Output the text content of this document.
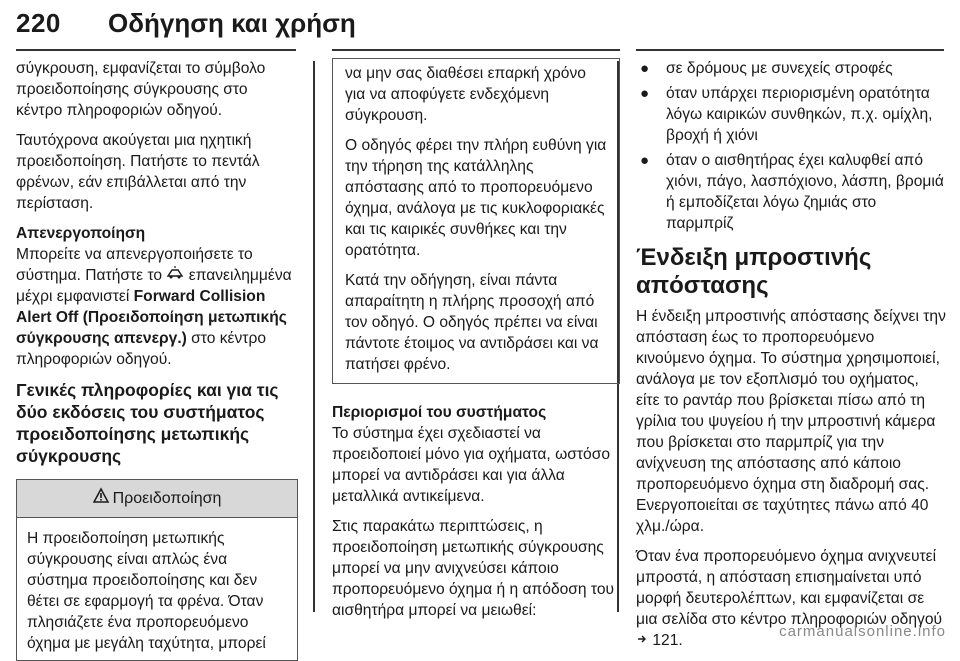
220 Οδήγηση και χρήση

σύγκρουση, εμφανίζεται το σύμβολο προειδοποίησης σύγκρουσης στο κέντρο πληροφοριών οδηγού.

Ταυτόχρονα ακούγεται μια ηχητική προειδοποίηση. Πατήστε το πεντάλ φρένων, εάν επιβάλλεται από την περίσταση.

Απενεργοποίηση

Μπορείτε να απενεργοποιήσετε το σύστημα. Πατήστε το  επανειλημμένα μέχρι εμφανιστεί Forward Collision Alert Off (Προειδοποίηση μετωπικής σύγκρουσης απενεργ.) στο κέντρο πληροφοριών οδηγού.

Γενικές πληροφορίες και για τις δύο εκδόσεις του συστήματος προειδοποίησης μετωπικής σύγκρουσης

Προειδοποίηση
Η προειδοποίηση μετωπικής σύγκρουσης είναι απλώς ένα σύστημα προειδοποίησης και δεν θέτει σε εφαρμογή τα φρένα. Όταν πλησιάζετε ένα προπορευόμενο όχημα με μεγάλη ταχύτητα, μπορεί

να μην σας διαθέσει επαρκή χρόνο για να αποφύγετε ενδεχόμενη σύγκρουση.

Ο οδηγός φέρει την πλήρη ευθύνη για την τήρηση της κατάλληλης απόστασης από το προπορευόμενο όχημα, ανάλογα με τις κυκλοφοριακές και τις καιρικές συνθήκες και την ορατότητα.

Κατά την οδήγηση, είναι πάντα απαραίτητη η πλήρης προσοχή από τον οδηγό. Ο οδηγός πρέπει να είναι πάντοτε έτοιμος να αντιδράσει και να πατήσει φρένο.

Περιορισμοί του συστήματος

Το σύστημα έχει σχεδιαστεί να προειδοποιεί μόνο για οχήματα, ωστόσο μπορεί να αντιδράσει και για άλλα μεταλλικά αντικείμενα.

Στις παρακάτω περιπτώσεις, η προειδοποίηση μετωπικής σύγκρουσης μπορεί να μην ανιχνεύσει κάποιο προπορευόμενο όχημα ή η απόδοση του αισθητήρα μπορεί να μειωθεί:

● σε δρόμους με συνεχείς στροφές
● όταν υπάρχει περιορισμένη ορατότητα λόγω καιρικών συνθηκών, π.χ. ομίχλη, βροχή ή χιόνι
● όταν ο αισθητήρας έχει καλυφθεί από χιόνι, πάγο, λασπόχιονο, λάσπη, βρομιά ή εμποδίζεται λόγω ζημιάς στο παρμπρίζ

Ένδειξη μπροστινής απόστασης

Η ένδειξη μπροστινής απόστασης δείχνει την απόσταση έως το προπορευόμενο κινούμενο όχημα. Το σύστημα χρησιμοποιεί, ανάλογα με τον εξοπλισμό του οχήματος, είτε το ραντάρ που βρίσκεται πίσω από τη γρίλια του ψυγείου ή την μπροστινή κάμερα που βρίσκεται στο παρμπρίζ για την ανίχνευση της απόστασης από κάποιο προπορευόμενο όχημα στη διαδρομή σας. Ενεργοποιείται σε ταχύτητες πάνω από 40 χλμ./ώρα.

Όταν ένα προπορευόμενο όχημα ανιχνευτεί μπροστά, η απόσταση επισημαίνεται υπό μορφή δευτερολέπτων, και εμφανίζεται σε μια σελίδα στο κέντρο πληροφοριών οδηγού  121.

carmanualsonline.info
